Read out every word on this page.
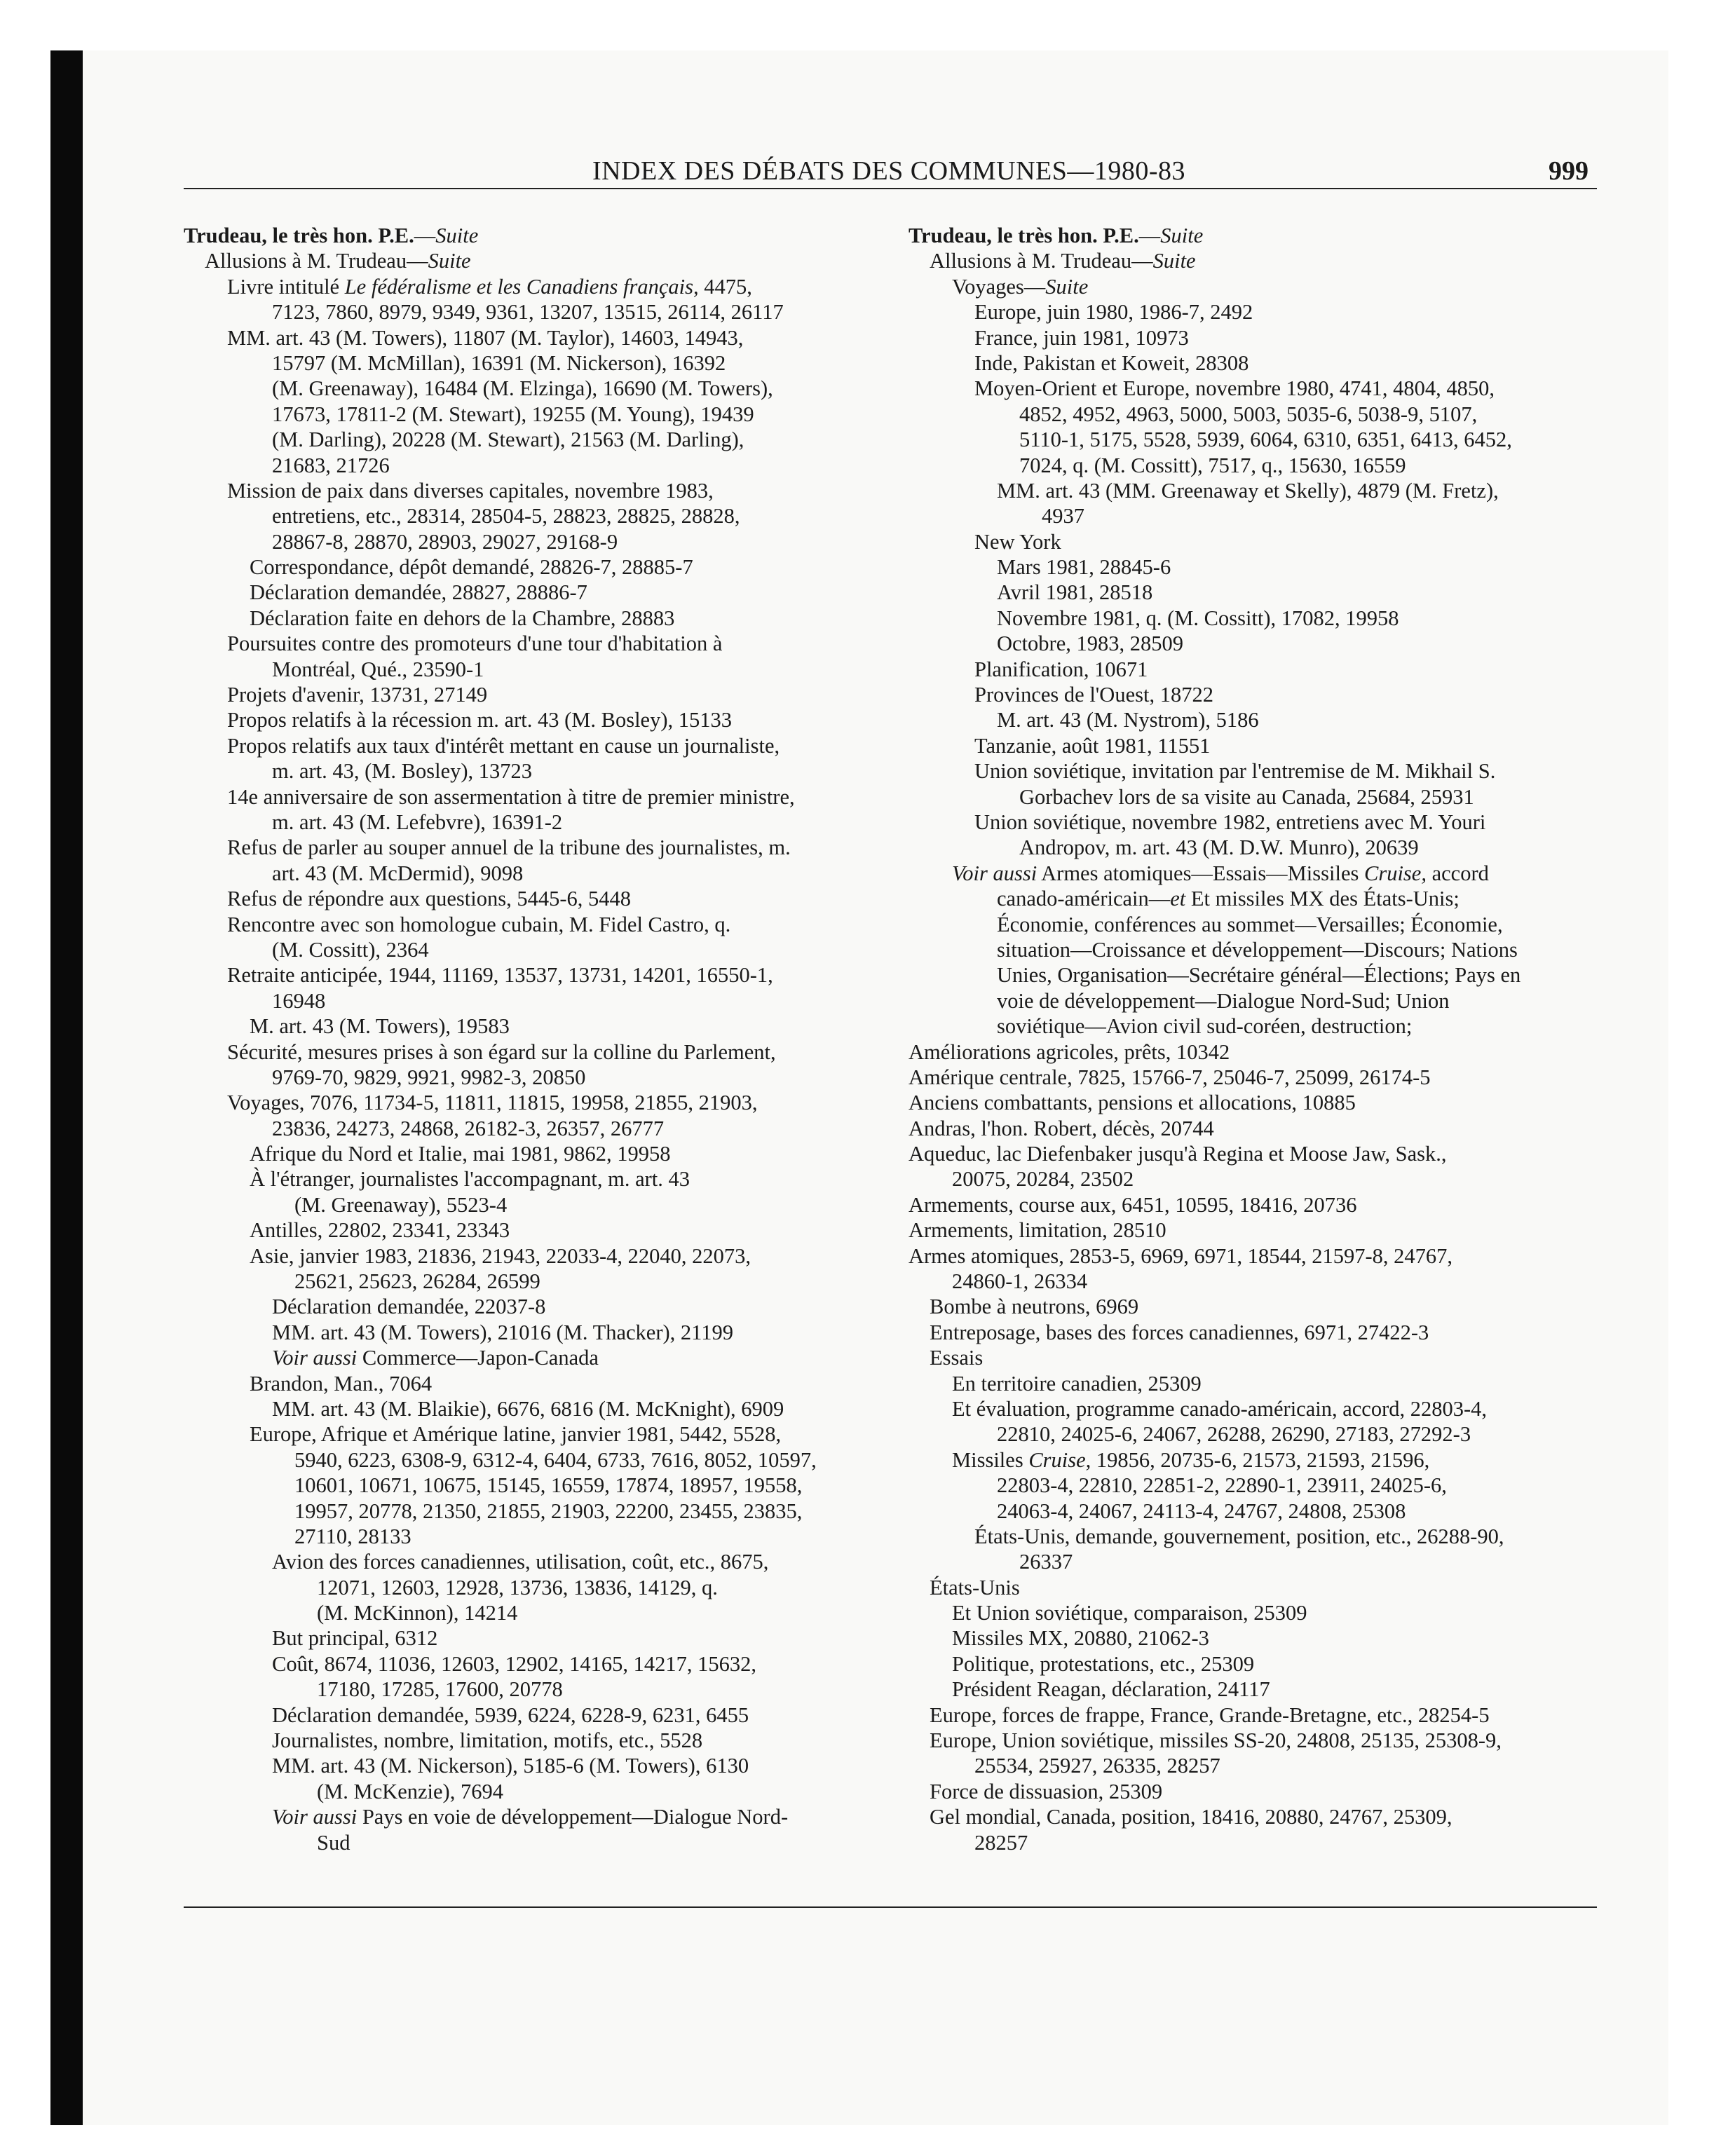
INDEX DES DÉBATS DES COMMUNES—1980-83	999
Trudeau, le très hon. P.E.—Suite
Allusions à M. Trudeau—Suite
Livre intitulé Le fédéralisme et les Canadiens français, 4475,
7123, 7860, 8979, 9349, 9361, 13207, 13515, 26114, 26117
MM. art. 43 (M. Towers), 11807 (M. Taylor), 14603, 14943,
15797 (M. McMillan), 16391 (M. Nickerson), 16392
(M. Greenaway), 16484 (M. Elzinga), 16690 (M. Towers),
17673, 17811-2 (M. Stewart), 19255 (M. Young), 19439
(M. Darling), 20228 (M. Stewart), 21563 (M. Darling),
21683, 21726
Mission de paix dans diverses capitales, novembre 1983,
entretiens, etc., 28314, 28504-5, 28823, 28825, 28828,
28867-8, 28870, 28903, 29027, 29168-9
Correspondance, dépôt demandé, 28826-7, 28885-7
Déclaration demandée, 28827, 28886-7
Déclaration faite en dehors de la Chambre, 28883
Poursuites contre des promoteurs d'une tour d'habitation à
Montréal, Qué., 23590-1
Projets d'avenir, 13731, 27149
Propos relatifs à la récession m. art. 43 (M. Bosley), 15133
Propos relatifs aux taux d'intérêt mettant en cause un journaliste,
m. art. 43, (M. Bosley), 13723
14e anniversaire de son assermentation à titre de premier ministre,
m. art. 43 (M. Lefebvre), 16391-2
Refus de parler au souper annuel de la tribune des journalistes, m.
art. 43 (M. McDermid), 9098
Refus de répondre aux questions, 5445-6, 5448
Rencontre avec son homologue cubain, M. Fidel Castro, q.
(M. Cossitt), 2364
Retraite anticipée, 1944, 11169, 13537, 13731, 14201, 16550-1,
16948
M. art. 43 (M. Towers), 19583
Sécurité, mesures prises à son égard sur la colline du Parlement,
9769-70, 9829, 9921, 9982-3, 20850
Voyages, 7076, 11734-5, 11811, 11815, 19958, 21855, 21903,
23836, 24273, 24868, 26182-3, 26357, 26777
Afrique du Nord et Italie, mai 1981, 9862, 19958
À l'étranger, journalistes l'accompagnant, m. art. 43
(M. Greenaway), 5523-4
Antilles, 22802, 23341, 23343
Asie, janvier 1983, 21836, 21943, 22033-4, 22040, 22073,
25621, 25623, 26284, 26599
Déclaration demandée, 22037-8
MM. art. 43 (M. Towers), 21016 (M. Thacker), 21199
Voir aussi Commerce—Japon-Canada
Brandon, Man., 7064
MM. art. 43 (M. Blaikie), 6676, 6816 (M. McKnight), 6909
Europe, Afrique et Amérique latine, janvier 1981, 5442, 5528,
5940, 6223, 6308-9, 6312-4, 6404, 6733, 7616, 8052, 10597,
10601, 10671, 10675, 15145, 16559, 17874, 18957, 19558,
19957, 20778, 21350, 21855, 21903, 22200, 23455, 23835,
27110, 28133
Avion des forces canadiennes, utilisation, coût, etc., 8675,
12071, 12603, 12928, 13736, 13836, 14129, q.
(M. McKinnon), 14214
But principal, 6312
Coût, 8674, 11036, 12603, 12902, 14165, 14217, 15632,
17180, 17285, 17600, 20778
Déclaration demandée, 5939, 6224, 6228-9, 6231, 6455
Journalistes, nombre, limitation, motifs, etc., 5528
MM. art. 43 (M. Nickerson), 5185-6 (M. Towers), 6130
(M. McKenzie), 7694
Voir aussi Pays en voie de développement—Dialogue Nord-
Sud
Trudeau, le très hon. P.E.—Suite
Allusions à M. Trudeau—Suite
Voyages—Suite
Europe, juin 1980, 1986-7, 2492
France, juin 1981, 10973
Inde, Pakistan et Koweit, 28308
Moyen-Orient et Europe, novembre 1980, 4741, 4804, 4850,
4852, 4952, 4963, 5000, 5003, 5035-6, 5038-9, 5107,
5110-1, 5175, 5528, 5939, 6064, 6310, 6351, 6413, 6452,
7024, q. (M. Cossitt), 7517, q., 15630, 16559
MM. art. 43 (MM. Greenaway et Skelly), 4879 (M. Fretz),
4937
New York
Mars 1981, 28845-6
Avril 1981, 28518
Novembre 1981, q. (M. Cossitt), 17082, 19958
Octobre, 1983, 28509
Planification, 10671
Provinces de l'Ouest, 18722
M. art. 43 (M. Nystrom), 5186
Tanzanie, août 1981, 11551
Union soviétique, invitation par l'entremise de M. Mikhail S.
Gorbachev lors de sa visite au Canada, 25684, 25931
Union soviétique, novembre 1982, entretiens avec M. Youri
Andropov, m. art. 43 (M. D.W. Munro), 20639
Voir aussi Armes atomiques—Essais—Missiles Cruise, accord
canado-américain—et Et missiles MX des États-Unis;
Économie, conférences au sommet—Versailles; Économie,
situation—Croissance et développement—Discours; Nations
Unies, Organisation—Secrétaire général—Élections; Pays en
voie de développement—Dialogue Nord-Sud; Union
soviétique—Avion civil sud-coréen, destruction;
Améliorations agricoles, prêts, 10342
Amérique centrale, 7825, 15766-7, 25046-7, 25099, 26174-5
Anciens combattants, pensions et allocations, 10885
Andras, l'hon. Robert, décès, 20744
Aqueduc, lac Diefenbaker jusqu'à Regina et Moose Jaw, Sask.,
20075, 20284, 23502
Armements, course aux, 6451, 10595, 18416, 20736
Armements, limitation, 28510
Armes atomiques, 2853-5, 6969, 6971, 18544, 21597-8, 24767,
24860-1, 26334
Bombe à neutrons, 6969
Entreposage, bases des forces canadiennes, 6971, 27422-3
Essais
En territoire canadien, 25309
Et évaluation, programme canado-américain, accord, 22803-4,
22810, 24025-6, 24067, 26288, 26290, 27183, 27292-3
Missiles Cruise, 19856, 20735-6, 21573, 21593, 21596,
22803-4, 22810, 22851-2, 22890-1, 23911, 24025-6,
24063-4, 24067, 24113-4, 24767, 24808, 25308
États-Unis, demande, gouvernement, position, etc., 26288-90,
26337
États-Unis
Et Union soviétique, comparaison, 25309
Missiles MX, 20880, 21062-3
Politique, protestations, etc., 25309
Président Reagan, déclaration, 24117
Europe, forces de frappe, France, Grande-Bretagne, etc., 28254-5
Europe, Union soviétique, missiles SS-20, 24808, 25135, 25308-9,
25534, 25927, 26335, 28257
Force de dissuasion, 25309
Gel mondial, Canada, position, 18416, 20880, 24767, 25309,
28257
